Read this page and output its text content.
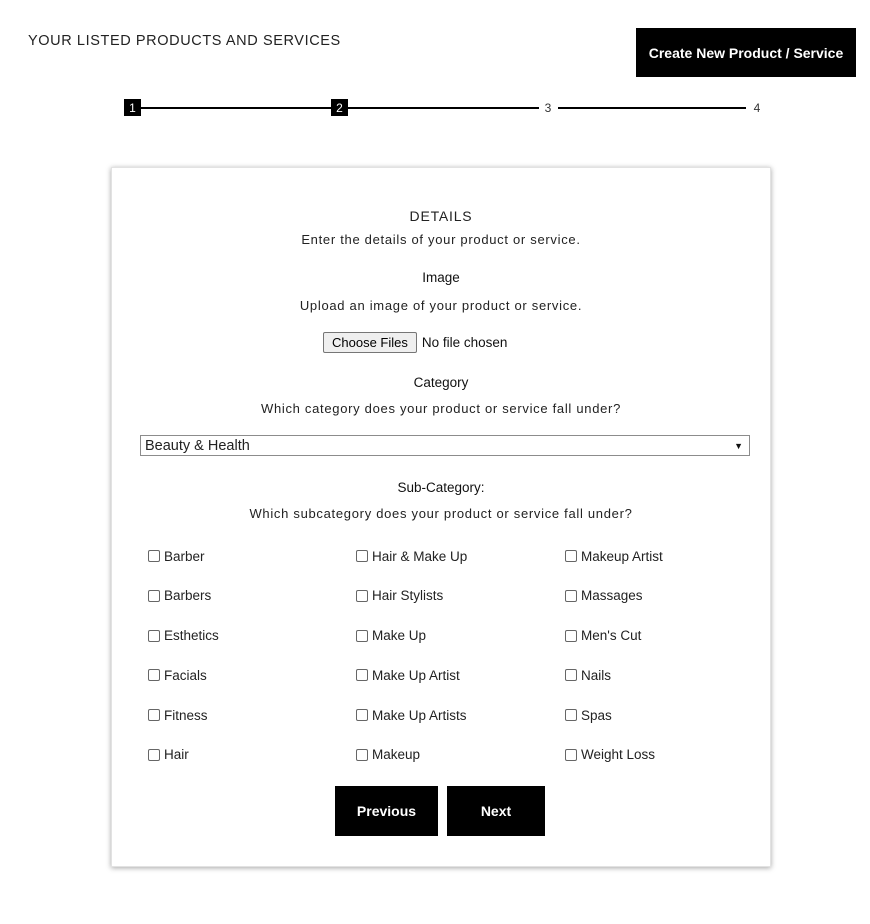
YOUR LISTED PRODUCTS AND SERVICES
Create New Product / Service
1	2	3	4
DETAILS
Enter the details of your product or service.
Image
Upload an image of your product or service.
Choose Files	No file chosen
Category
Which category does your product or service fall under?
Beauty & Health	▼
Sub-Category:
Which subcategory does your product or service fall under?
Barber	Hair & Make Up	Makeup Artist
Barbers	Hair Stylists	Massages
Esthetics	Make Up	Men's Cut
Facials	Make Up Artist	Nails
Fitness	Make Up Artists	Spas
Hair	Makeup	Weight Loss
Previous	Next
